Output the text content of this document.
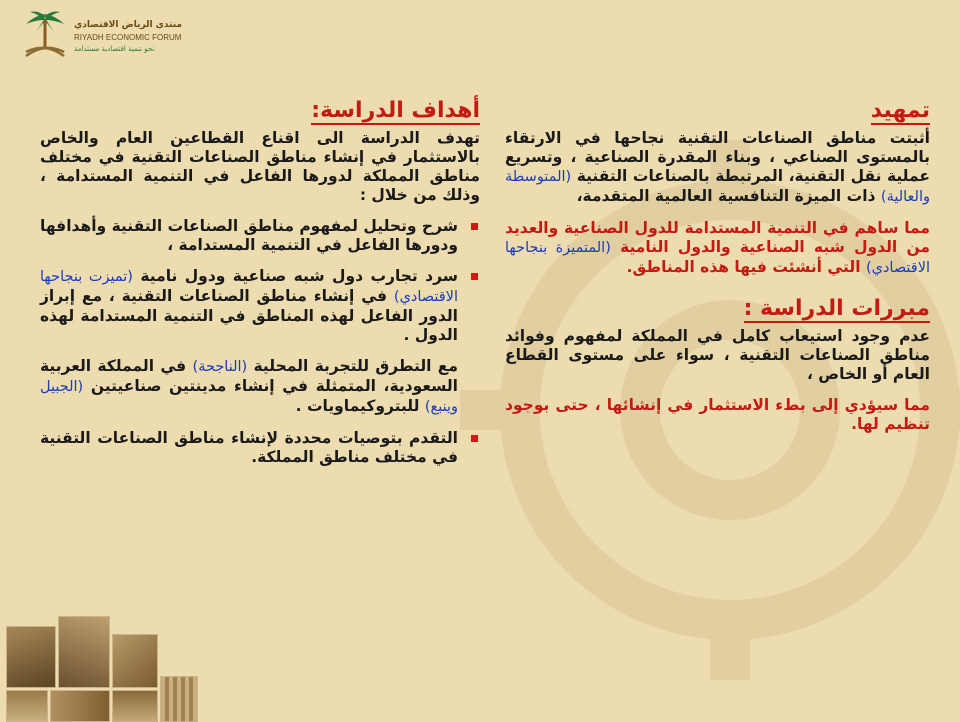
منتدى الرياض الاقتصادي
RIYADH ECONOMIC FORUM
نحو تنمية اقتصادية مستدامة
تمهيد

أثبتت مناطق الصناعات التقنية نجاحها في الارتقاء بالمستوى الصناعي ، وبناء المقدرة الصناعية ، وتسريع عملية نقل التقنية، المرتبطة بالصناعات التقنية (المتوسطة والعالية) ذات الميزة التنافسية العالمية المتقدمة،

مما ساهم في التنمية المستدامة للدول الصناعية والعديد من الدول شبه الصناعية والدول النامية (المتميزة بنجاحها الاقتصادي) التي أنشئت فيها هذه المناطق.

مبررات الدراسة :

عدم وجود استيعاب كامل في المملكة لمفهوم وفوائد مناطق الصناعات التقنية ، سواء على مستوى القطاع العام أو الخاص ،

مما سيؤدي إلى بطء الاستثمار في إنشائها ، حتى بوجود تنظيم لها.

أهداف الدراسة:

تهدف الدراسة الى اقناع القطاعين العام والخاص بالاستثمار في إنشاء مناطق الصناعات التقنية في مختلف مناطق المملكة لدورها الفاعل في التنمية المستدامة ، وذلك من خلال :

شرح وتحليل لمفهوم مناطق الصناعات التقنية وأهدافها ودورها الفاعل في التنمية المستدامة ،

سرد تجارب دول شبه صناعية ودول نامية (تميزت بنجاحها الاقتصادي) في إنشاء مناطق الصناعات التقنية ، مع إبراز الدور الفاعل لهذه المناطق في التنمية المستدامة لهذه الدول .

مع التطرق للتجربة المحلية (الناجحة) في المملكة العربية السعودية، المتمثلة في إنشاء مدينتين صناعيتين (الجبيل وينبع) للبتروكيماويات .

التقدم بتوصيات محددة لإنشاء مناطق الصناعات التقنية في مختلف مناطق المملكة.
